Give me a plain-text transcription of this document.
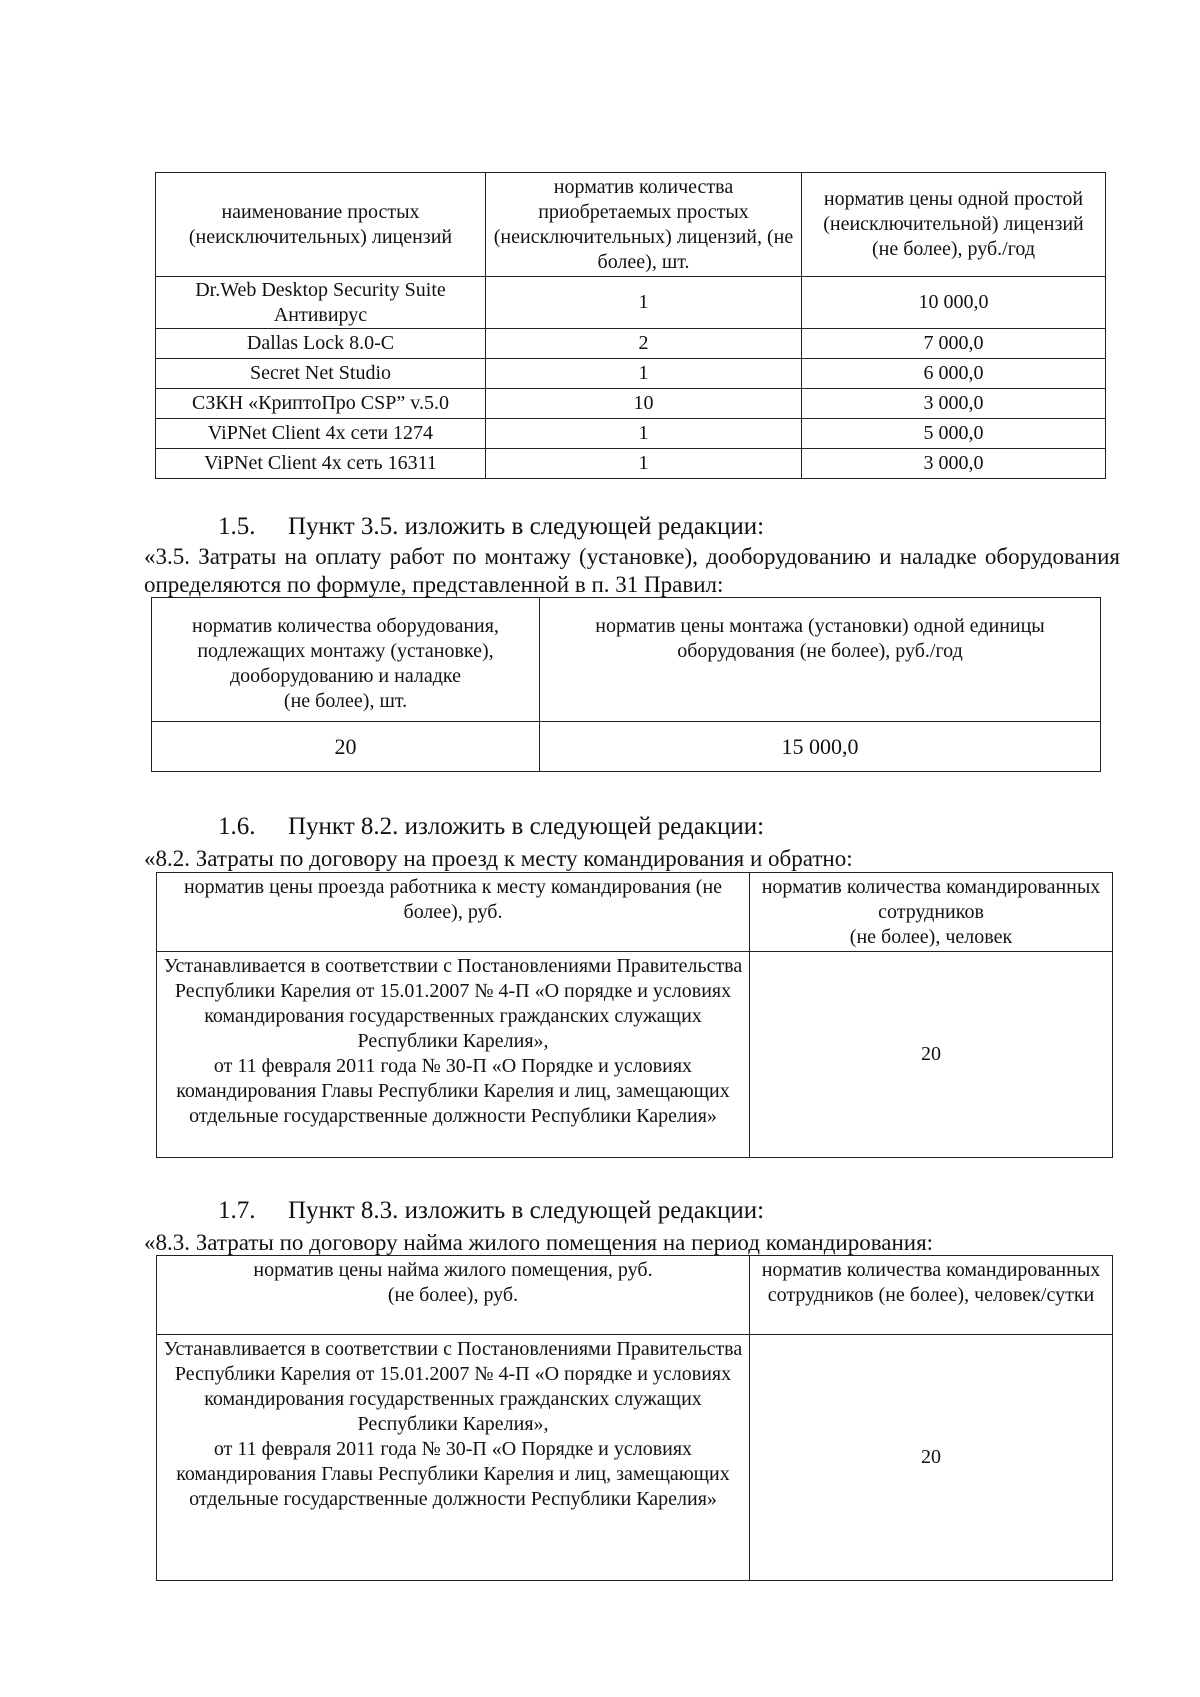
наименование простых (неисключительных) лицензий	норматив количества приобретаемых простых (неисключительных) лицензий, (не более), шт.	норматив цены одной простой (неисключительной) лицензий
(не более), руб./год
Dr.Web Desktop Security Suite Антивирус	1	10 000,0
Dallas Lock 8.0-С	2	7 000,0
Secret Net Studio	1	6 000,0
СЗКН «КриптоПро CSP” v.5.0	10	3 000,0
ViPNet Client 4x сети 1274	1	5 000,0
ViPNet Client 4x сеть 16311	1	3 000,0
1.5. Пункт 3.5. изложить в следующей редакции:
«3.5. Затраты на оплату работ по монтажу (установке), дооборудованию и наладке оборудования определяются по формуле, представленной в п. 31 Правил:
норматив количества оборудования,
подлежащих монтажу (установке),
дооборудованию и наладке
(не более), шт.	норматив цены монтажа (установки) одной единицы оборудования (не более), руб./год
20	15 000,0
1.6. Пункт 8.2. изложить в следующей редакции:
«8.2. Затраты по договору на проезд к месту командирования и обратно:
норматив цены проезда работника к месту командирования (не более), руб.	норматив количества командированных сотрудников
(не более), человек
Устанавливается в соответствии с Постановлениями Правительства Республики Карелия от 15.01.2007 № 4-П «О порядке и условиях командирования государственных гражданских служащих Республики Карелия»,
от 11 февраля 2011 года № 30-П «О Порядке и условиях командирования Главы Республики Карелия и лиц, замещающих отдельные государственные должности Республики Карелия»	20
1.7. Пункт 8.3. изложить в следующей редакции:
«8.3. Затраты по договору найма жилого помещения на период командирования:
норматив цены найма жилого помещения, руб.
(не более), руб.	норматив количества командированных сотрудников (не более), человек/сутки
Устанавливается в соответствии с Постановлениями Правительства Республики Карелия от 15.01.2007 № 4-П «О порядке и условиях командирования государственных гражданских служащих Республики Карелия»,
от 11 февраля 2011 года № 30-П «О Порядке и условиях командирования Главы Республики Карелия и лиц, замещающих отдельные государственные должности Республики Карелия»	20
